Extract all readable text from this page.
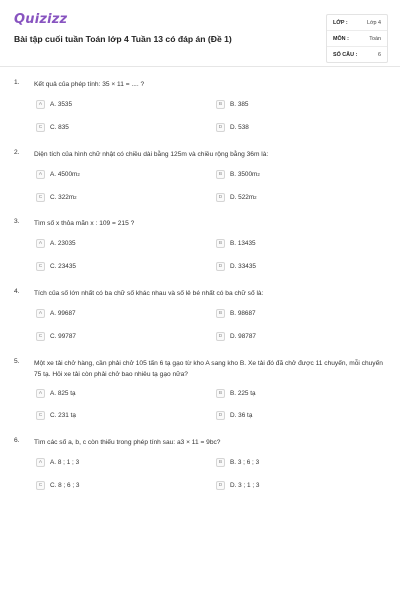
Quizizz
Bài tập cuối tuần Toán lớp 4 Tuần 13 có đáp án (Đề 1)
LỚP :	Lớp 4
MÔN :	Toán
SỐ CÂU :	6
1. Kết quả của phép tính: 35 × 11 = .... ?
A	A. 3535	B	B. 385
C	C. 835	D	D. 538
2. Diện tích của hình chữ nhật có chiều dài bằng 125m và chiều rộng bằng 36m là:
A	A. 4500m 2	B	B. 3500m 2
C	C. 322m 2	D	D. 522m 2
3. Tìm số x thỏa mãn x : 109 = 215 ?
A	A. 23035	B	B. 13435
C	C. 23435	D	D. 33435
4. Tích của số lớn nhất có ba chữ số khác nhau và số lẻ bé nhất có ba chữ số là:
A	A. 99687	B	B. 98687
C	C. 99787	D	D. 98787
5. Một xe tải chở hàng, cần phải chở 105 tấn 6 tạ gạo từ kho A sang kho B. Xe tải đó đã chở được 11 chuyến, mỗi chuyến 75 tạ. Hỏi xe tải còn phải chở bao nhiêu tạ gạo nữa?
A	A. 825 tạ	B	B. 225 tạ
C	C. 231 tạ	D	D. 36 tạ
6. Tìm các số a, b, c còn thiếu trong phép tính sau: a3 × 11 = 9bc?
A	A. 8 ; 1 ; 3	B	B. 3 ; 6 ; 3
C	C. 8 ; 6 ; 3	D	D. 3 ; 1 ; 3
